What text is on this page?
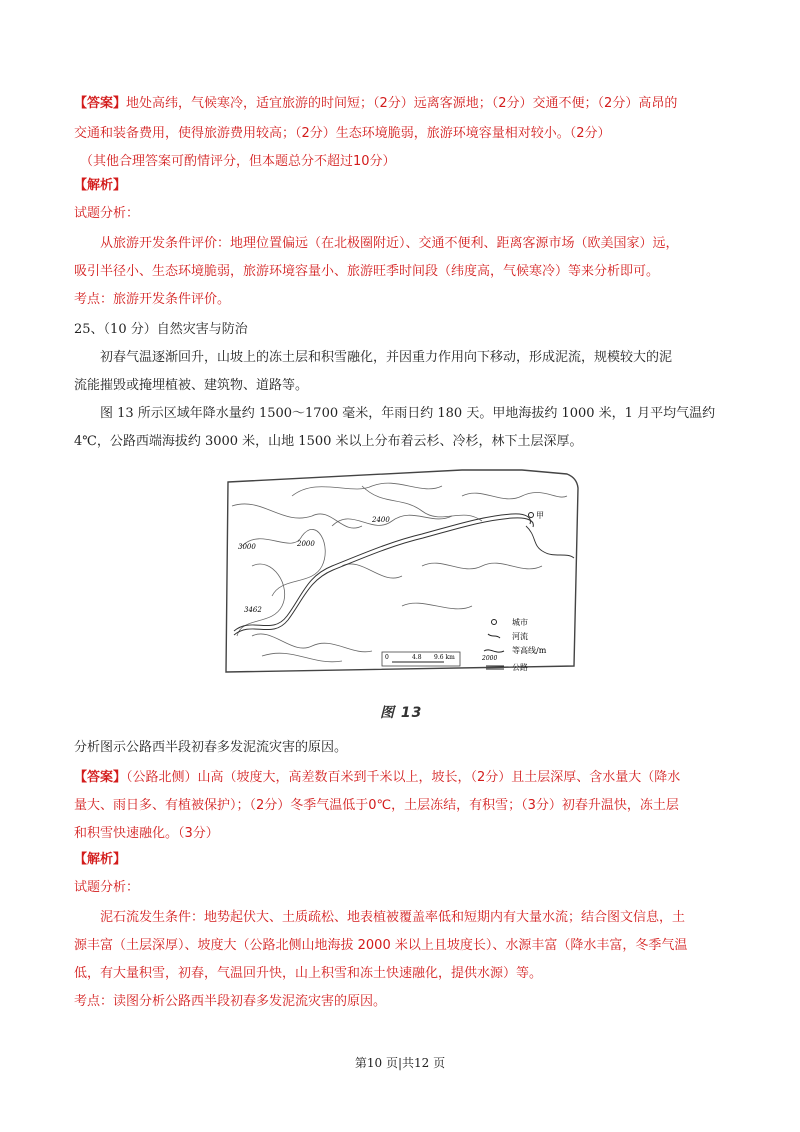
【答案】地处高纬，气候寒冷，适宜旅游的时间短；（2分）远离客源地；（2分）交通不便；（2分）高昂的
交通和装备费用，使得旅游费用较高；（2分）生态环境脆弱，旅游环境容量相对较小。（2分）
（其他合理答案可酌情评分，但本题总分不超过10分）
【解析】
试题分析：
从旅游开发条件评价：地理位置偏远（在北极圈附近）、交通不便利、距离客源市场（欧美国家）远，
吸引半径小、生态环境脆弱，旅游环境容量小、旅游旺季时间段（纬度高，气候寒冷）等来分析即可。
考点：旅游开发条件评价。
25、（10 分）自然灾害与防治
初春气温逐渐回升，山坡上的冻土层和积雪融化，并因重力作用向下移动，形成泥流，规模较大的泥
流能摧毁或掩埋植被、建筑物、道路等。
图 13 所示区域年降水量约 1500～1700 毫米，年雨日约 180 天。甲地海拔约 1000 米，1 月平均气温约
4℃，公路西端海拔约 3000 米，山地 1500 米以上分布着云杉、冷杉，林下土层深厚。
甲
2400
3000	2000
3462
城市
河流
2000
等高线/m
公路
0	4.8 9.6 km
图 13
分析图示公路西半段初春多发泥流灾害的原因。
【答案】（公路北侧）山高（坡度大，高差数百米到千米以上，坡长，（2分）且土层深厚、含水量大（降水
量大、雨日多、有植被保护）；（2分）冬季气温低于0℃，土层冻结，有积雪；（3分）初春升温快，冻土层
和积雪快速融化。（3分）
【解析】
试题分析：
泥石流发生条件：地势起伏大、土质疏松、地表植被覆盖率低和短期内有大量水流；结合图文信息，土
源丰富（土层深厚）、坡度大（公路北侧山地海拔 2000 米以上且坡度长）、水源丰富（降水丰富，冬季气温
低，有大量积雪，初春，气温回升快，山上积雪和冻土快速融化，提供水源）等。
考点：读图分析公路西半段初春多发泥流灾害的原因。
第10 页|共12 页
